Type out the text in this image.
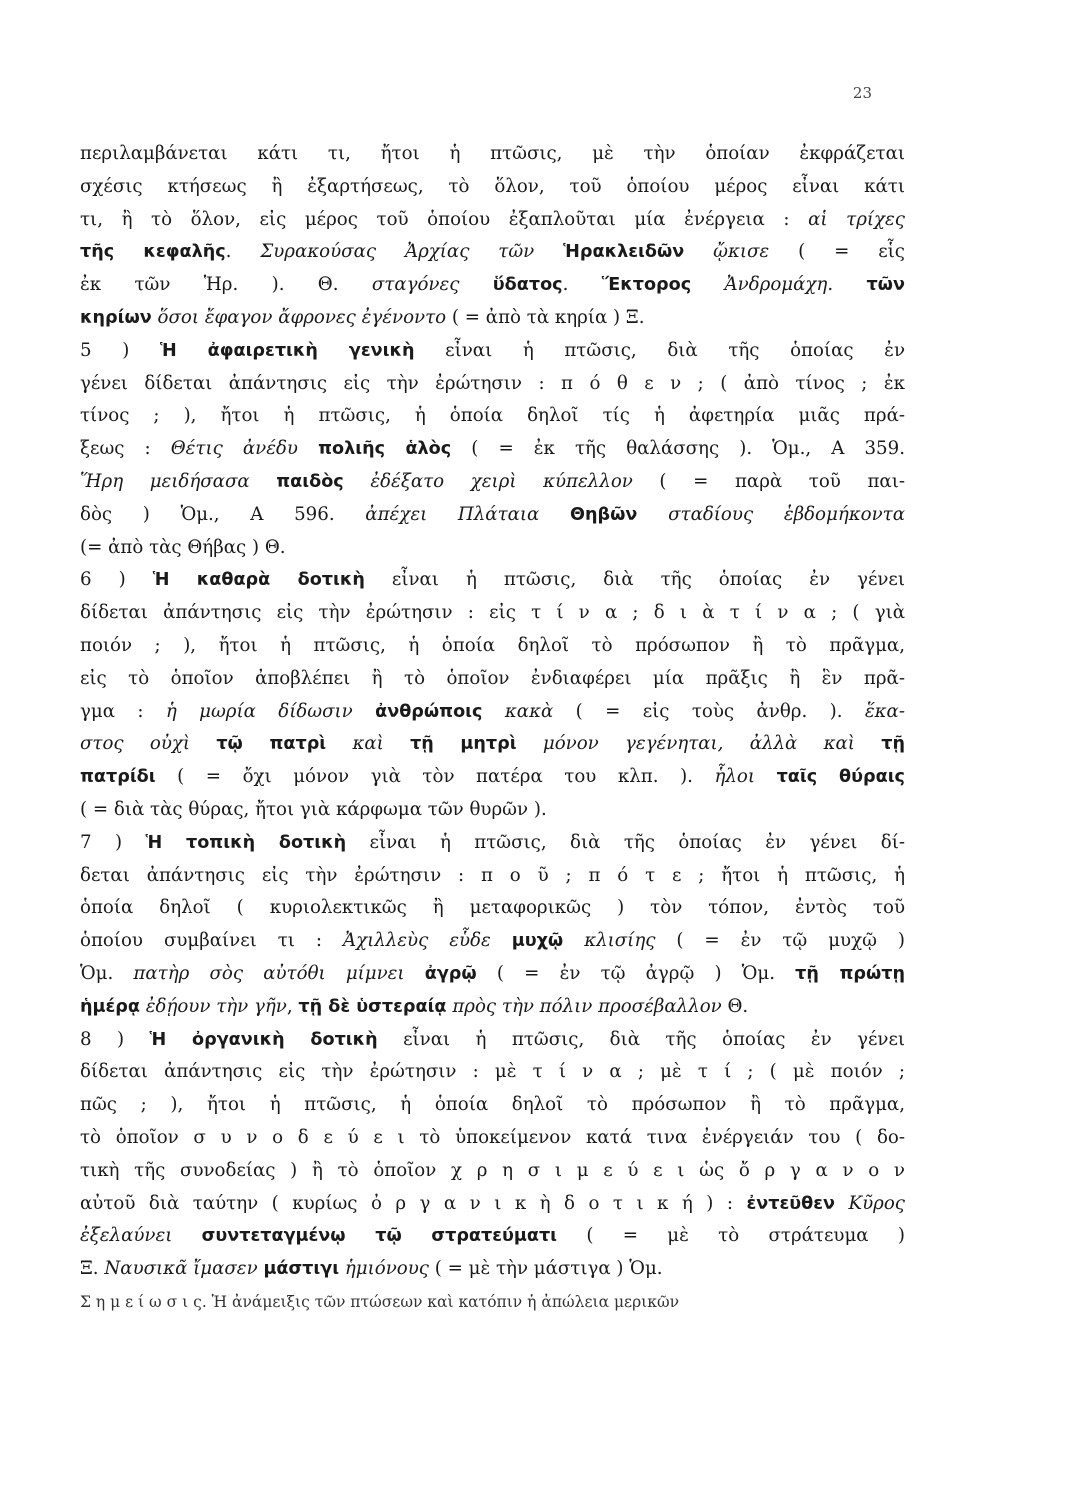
23
περιλαμβάνεται κάτι τι, ἤτοι ἡ πτῶσις, μὲ τὴν ὁποίαν ἐκφράζεται
σχέσις κτήσεως ἢ ἐξαρτήσεως, τὸ ὅλον, τοῦ ὁποίου μέρος εἶναι κάτι
τι, ἢ τὸ ὅλον, εἰς μέρος τοῦ ὁποίου ἐξαπλοῦται μία ἐνέργεια : αἱ τρίχες
τῆς κεφαλῆς. Συρακούσας Ἀρχίας τῶν Ἡρακλειδῶν ᾤκισε ( = εἷς
ἐκ τῶν Ἡρ. ). Θ. σταγόνες ὕδατος. Ἕκτορος Ἀνδρομάχη. τῶν
κηρίων ὅσοι ἔφαγον ἄφρονες ἐγένοντο ( = ἀπὸ τὰ κηρία ) Ξ.
5 ) Ἡ ἀφαιρετικὴ γενικὴ εἶναι ἡ πτῶσις, διὰ τῆς ὁποίας ἐν
γένει δίδεται ἀπάντησις εἰς τὴν ἐρώτησιν : π ό θ ε ν ; ( ἀπὸ τίνος ; ἐκ
τίνος ; ), ἤτοι ἡ πτῶσις, ἡ ὁποία δηλοῖ τίς ἡ ἀφετηρία μιᾶς πρά-
ξεως : Θέτις ἀνέδυ πολιῆς ἁλὸς ( = ἐκ τῆς θαλάσσης ). Ὁμ., Α 359.
Ἥρη μειδήσασα παιδὸς ἐδέξατο χειρὶ κύπελλον ( = παρὰ τοῦ παι-
δὸς ) Ὁμ., Α 596. ἀπέχει Πλάταια Θηβῶν σταδίους ἑβδομήκοντα
(= ἀπὸ τὰς Θήβας ) Θ.
6 ) Ἡ καθαρὰ δοτικὴ εἶναι ἡ πτῶσις, διὰ τῆς ὁποίας ἐν γένει
δίδεται ἀπάντησις εἰς τὴν ἐρώτησιν : εἰς τ ί ν α ; δ ι ὰ τ ί ν α ; ( γιὰ
ποιόν ; ), ἤτοι ἡ πτῶσις, ἡ ὁποία δηλοῖ τὸ πρόσωπον ἢ τὸ πρᾶγμα,
εἰς τὸ ὁποῖον ἀποβλέπει ἢ τὸ ὁποῖον ἐνδιαφέρει μία πρᾶξις ἢ ἓν πρᾶ-
γμα : ἡ μωρία δίδωσιν ἀνθρώποις κακὰ ( = εἰς τοὺς ἀνθρ. ). ἕκα-
στος οὐχὶ τῷ πατρὶ καὶ τῇ μητρὶ μόνον γεγένηται, ἀλλὰ καὶ τῇ
πατρίδι ( = ὄχι μόνον γιὰ τὸν πατέρα του κλπ. ). ἧλοι ταῖς θύραις
( = διὰ τὰς θύρας, ἤτοι γιὰ κάρφωμα τῶν θυρῶν ).
7 ) Ἡ τοπικὴ δοτικὴ εἶναι ἡ πτῶσις, διὰ τῆς ὁποίας ἐν γένει δί-
δεται ἀπάντησις εἰς τὴν ἐρώτησιν : π ο ῦ ; π ό τ ε ; ἤτοι ἡ πτῶσις, ἡ
ὁποία δηλοῖ ( κυριολεκτικῶς ἢ μεταφορικῶς ) τὸν τόπον, ἐντὸς τοῦ
ὁποίου συμβαίνει τι : Ἀχιλλεὺς εὗδε μυχῷ κλισίης ( = ἐν τῷ μυχῷ )
Ὁμ. πατὴρ σὸς αὐτόθι μίμνει ἀγρῷ ( = ἐν τῷ ἀγρῷ ) Ὁμ. τῇ πρώτῃ
ἡμέρᾳ ἐδῄουν τὴν γῆν, τῇ δὲ ὑστεραίᾳ πρὸς τὴν πόλιν προσέβαλλον Θ.
8 ) Ἡ ὀργανικὴ δοτικὴ εἶναι ἡ πτῶσις, διὰ τῆς ὁποίας ἐν γένει
δίδεται ἀπάντησις εἰς τὴν ἐρώτησιν : μὲ τ ί ν α ; μὲ τ ί ; ( μὲ ποιόν ;
πῶς ; ), ἤτοι ἡ πτῶσις, ἡ ὁποία δηλοῖ τὸ πρόσωπον ἢ τὸ πρᾶγμα,
τὸ ὁποῖον σ υ ν ο δ ε ύ ε ι τὸ ὑποκείμενον κατά τινα ἐνέργειάν του ( δο-
τικὴ τῆς συνοδείας ) ἢ τὸ ὁποῖον χ ρ η σ ι μ ε ύ ε ι ὡς ὄ ρ γ α ν ο ν
αὐτοῦ διὰ ταύτην ( κυρίως ὀ ρ γ α ν ι κ ὴ δ ο τ ι κ ή ) : ἐντεῦθεν Κῦρος
ἐξελαύνει συντεταγμένῳ τῷ στρατεύματι ( = μὲ τὸ στράτευμα )
Ξ. Ναυσικᾶ ἴμασεν μάστιγι ἡμιόνους ( = μὲ τὴν μάστιγα ) Ὁμ.
Σ η μ ε ί ω σ ι ς. Ἡ ἀνάμειξις τῶν πτώσεων καὶ κατόπιν ἡ ἀπώλεια μερικῶν
